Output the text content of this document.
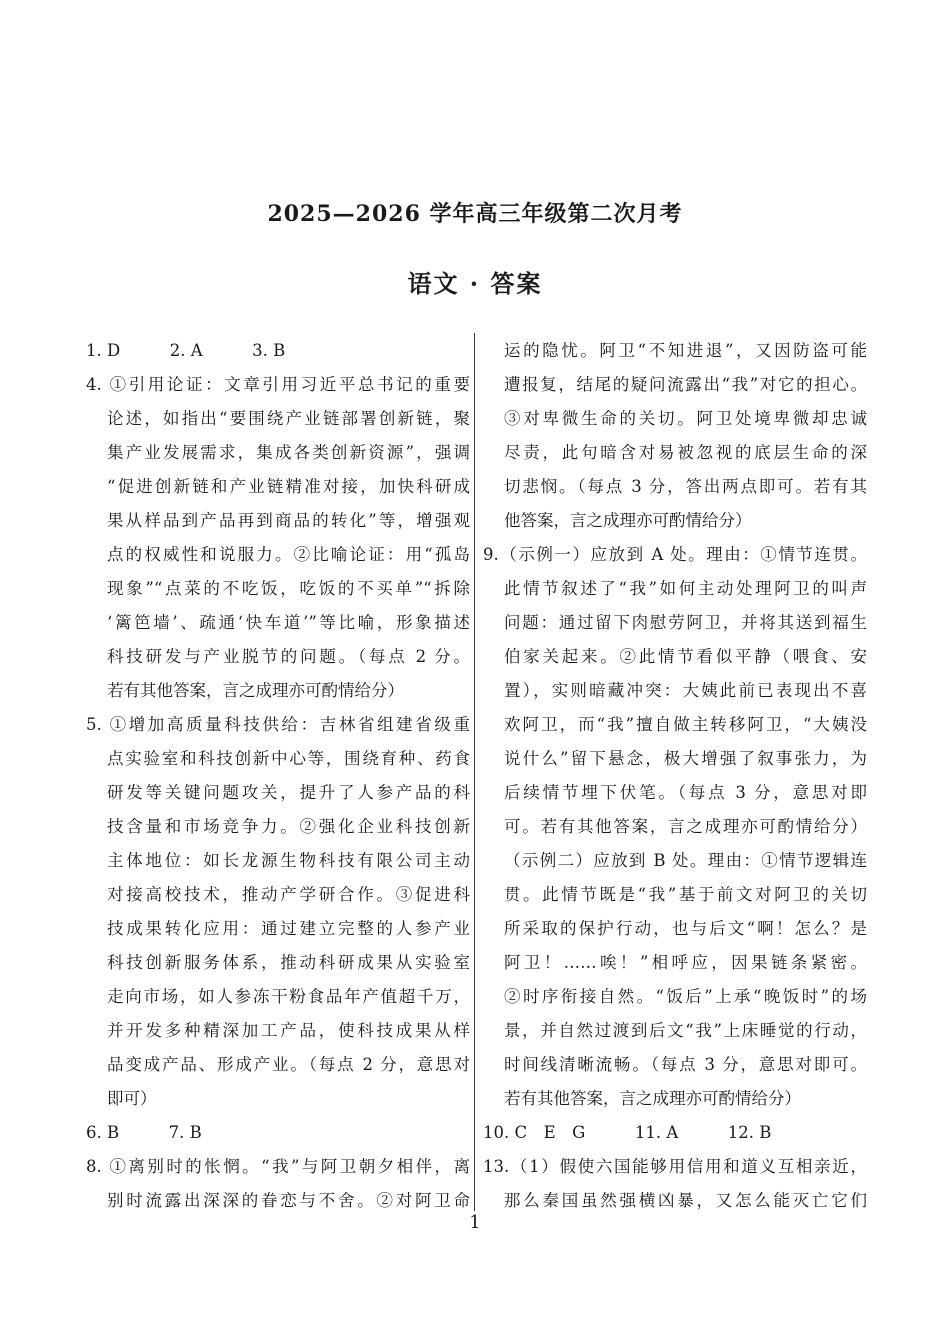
2025—2026 学年高三年级第二次月考
语文 · 答案
1. D　　　2. A　　　3. B
4. ①引用论证：文章引用习近平总书记的重要
论述，如指出“要围绕产业链部署创新链，聚
集产业发展需求，集成各类创新资源”，强调
“促进创新链和产业链精准对接，加快科研成
果从样品到产品再到商品的转化”等，增强观
点的权威性和说服力。②比喻论证：用“孤岛
现象”“点菜的不吃饭，吃饭的不买单”“拆除
‘篱笆墙’、疏通‘快车道’”等比喻，形象描述
科技研发与产业脱节的问题。（每点 2 分。
若有其他答案，言之成理亦可酌情给分）
5. ①增加高质量科技供给：吉林省组建省级重
点实验室和科技创新中心等，围绕育种、药食
研发等关键问题攻关，提升了人参产品的科
技含量和市场竞争力。②强化企业科技创新
主体地位：如长龙源生物科技有限公司主动
对接高校技术，推动产学研合作。③促进科
技成果转化应用：通过建立完整的人参产业
科技创新服务体系，推动科研成果从实验室
走向市场，如人参冻干粉食品年产值超千万，
并开发多种精深加工产品，使科技成果从样
品变成产品、形成产业。（每点 2 分，意思对
即可）
6. B　　　7. B
8. ①离别时的怅惘。“我”与阿卫朝夕相伴，离
别时流露出深深的眷恋与不舍。②对阿卫命
运的隐忧。阿卫“不知进退”，又因防盗可能
遭报复，结尾的疑问流露出“我”对它的担心。
③对卑微生命的关切。阿卫处境卑微却忠诚
尽责，此句暗含对易被忽视的底层生命的深
切悲悯。（每点 3 分，答出两点即可。若有其
他答案，言之成理亦可酌情给分）
9.（示例一）应放到 A 处。理由：①情节连贯。
此情节叙述了“我”如何主动处理阿卫的叫声
问题：通过留下肉慰劳阿卫，并将其送到福生
伯家关起来。②此情节看似平静（喂食、安
置），实则暗藏冲突：大姨此前已表现出不喜
欢阿卫，而“我”擅自做主转移阿卫，“大姨没
说什么”留下悬念，极大增强了叙事张力，为
后续情节埋下伏笔。（每点 3 分，意思对即
可。若有其他答案，言之成理亦可酌情给分）
（示例二）应放到 B 处。理由：①情节逻辑连
贯。此情节既是“我”基于前文对阿卫的关切
所采取的保护行动，也与后文“啊！怎么？是
阿卫！……唉！”相呼应，因果链条紧密。
②时序衔接自然。“饭后”上承“晚饭时”的场
景，并自然过渡到后文“我”上床睡觉的行动，
时间线清晰流畅。（每点 3 分，意思对即可。
若有其他答案，言之成理亦可酌情给分）
10. C　E　G　　　11. A　　　12. B
13.（1）假使六国能够用信用和道义互相亲近，
那么秦国虽然强横凶暴，又怎么能灭亡它们
1
